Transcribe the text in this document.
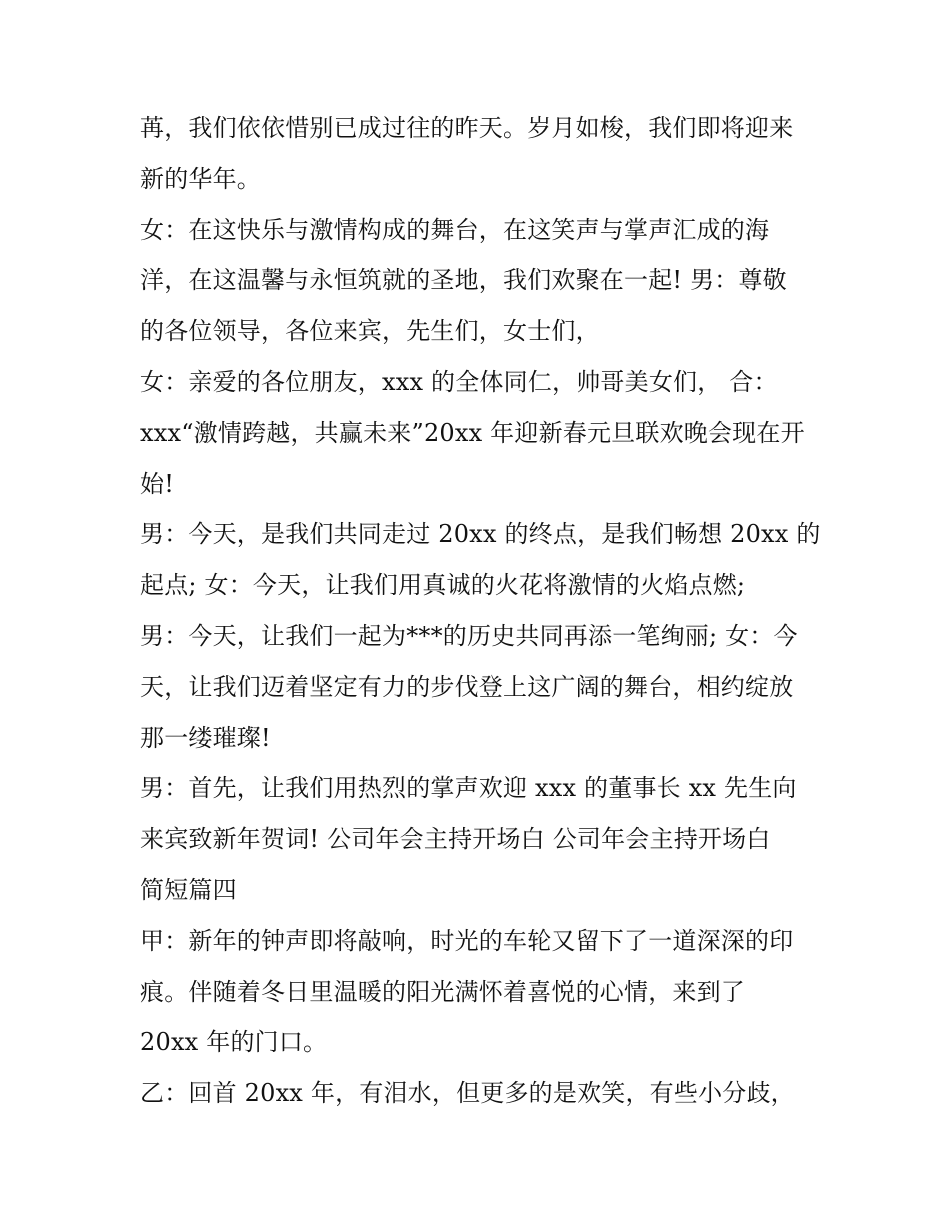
苒，我们依依惜别已成过往的昨天。岁月如梭，我们即将迎来
新的华年。
女：在这快乐与激情构成的舞台，在这笑声与掌声汇成的海
洋，在这温馨与永恒筑就的圣地，我们欢聚在一起! 男：尊敬
的各位领导，各位来宾，先生们，女士们，
女：亲爱的各位朋友，xxx 的全体同仁，帅哥美女们， 合：
xxx“激情跨越，共赢未来”20xx 年迎新春元旦联欢晚会现在开
始!
男：今天，是我们共同走过 20xx 的终点，是我们畅想 20xx 的
起点; 女：今天，让我们用真诚的火花将激情的火焰点燃;
男：今天，让我们一起为***的历史共同再添一笔绚丽; 女：今
天，让我们迈着坚定有力的步伐登上这广阔的舞台，相约绽放
那一缕璀璨!
男：首先，让我们用热烈的掌声欢迎 xxx 的董事长 xx 先生向
来宾致新年贺词! 公司年会主持开场白 公司年会主持开场白
简短篇四
甲：新年的钟声即将敲响，时光的车轮又留下了一道深深的印
痕。伴随着冬日里温暖的阳光满怀着喜悦的心情，来到了
20xx 年的门口。
乙：回首 20xx 年，有泪水，但更多的是欢笑，有些小分歧，
